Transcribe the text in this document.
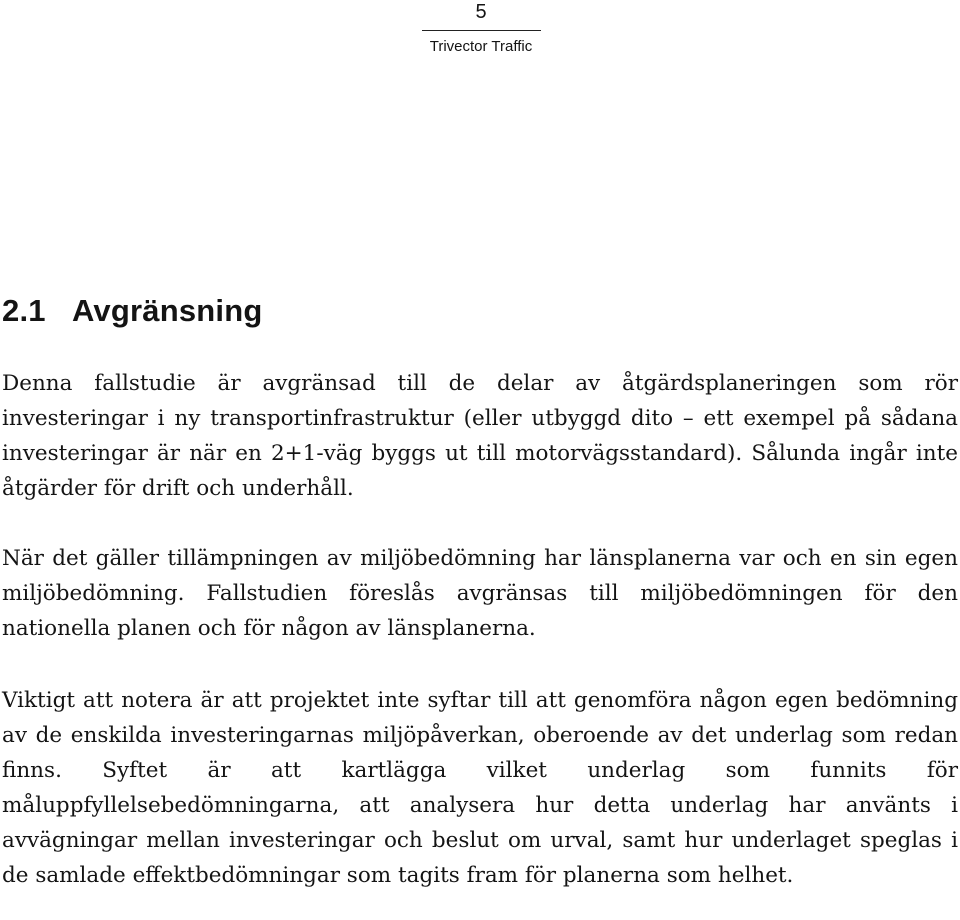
5
Trivector Traffic
2.1 Avgränsning

Denna fallstudie är avgränsad till de delar av åtgärdsplaneringen som rör investeringar i ny transportinfrastruktur (eller utbyggd dito – ett exempel på sådana investeringar är när en 2+1-väg byggs ut till motorvägsstandard). Sålunda ingår inte åtgärder för drift och underhåll.

När det gäller tillämpningen av miljöbedömning har länsplanerna var och en sin egen miljöbedömning. Fallstudien föreslås avgränsas till miljöbedömningen för den nationella planen och för någon av länsplanerna.

Viktigt att notera är att projektet inte syftar till att genomföra någon egen bedömning av de enskilda investeringarnas miljöpåverkan, oberoende av det underlag som redan finns. Syftet är att kartlägga vilket underlag som funnits för måluppfyllelsebedömningarna, att analysera hur detta underlag har använts i avvägningar mellan investeringar och beslut om urval, samt hur underlaget speglas i de samlade effektbedömningar som tagits fram för planerna som helhet.
